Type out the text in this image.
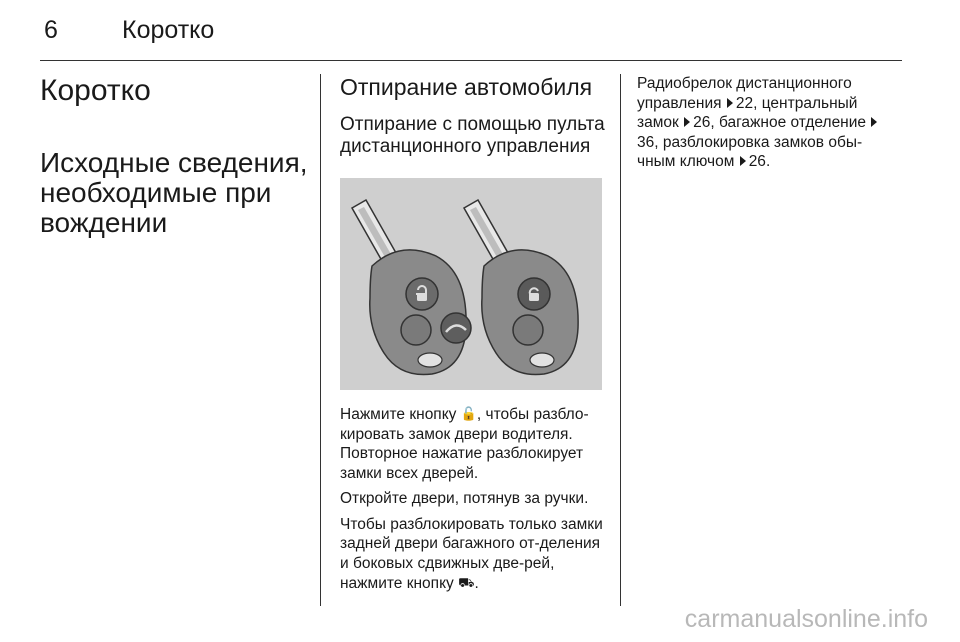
6	Коротко
Коротко
Исходные сведения, необходимые при вождении
Отпирание автомобиля
Отпирание с помощью пульта дистанционного управления

Нажмите кнопку 🔓, чтобы разбло-кировать замок двери водителя. Повторное нажатие разблокирует замки всех дверей.

Откройте двери, потянув за ручки.

Чтобы разблокировать только замки задней двери багажного от-деления и боковых сдвижных две-рей, нажмите кнопку ⛟.

Радиобрелок дистанционного управления 22, центральный замок 26, багажное отделение 36, разблокировка замков обы-чным ключом 26.

carmanualsonline.info
